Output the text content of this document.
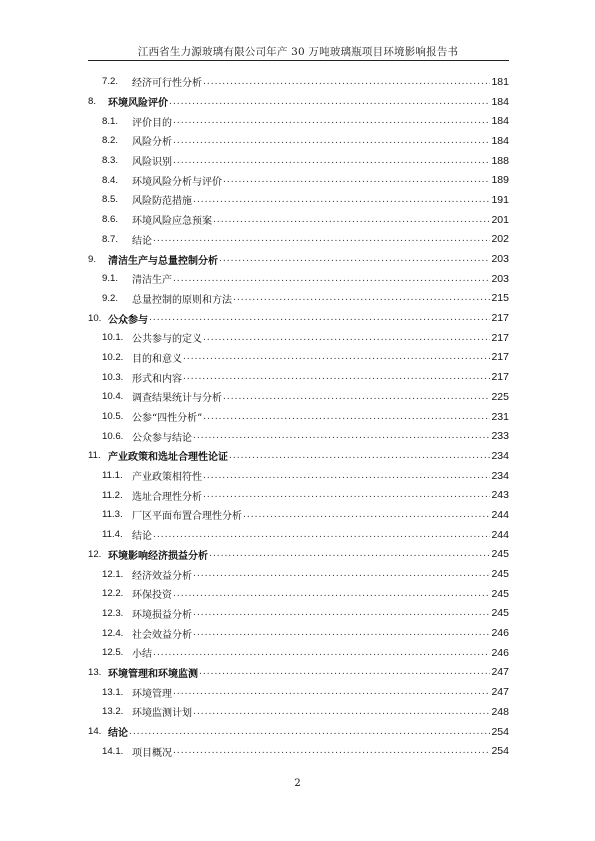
江西省生力源玻璃有限公司年产 30 万吨玻璃瓶项目环境影响报告书
7.2.	经济可行性分析 .....	181
8.	环境风险评价 .....	184
8.1.	评价目的 .....	184
8.2.	风险分析 .....	184
8.3.	风险识别 .....	188
8.4.	环境风险分析与评价 .....	189
8.5.	风险防范措施 .....	191
8.6.	环境风险应急预案 .....	201
8.7.	结论 .....	202
9.	清洁生产与总量控制分析 .....	203
9.1.	清洁生产 .....	203
9.2.	总量控制的原则和方法 .....	215
10. 公众参与 .....	217
10.1. 公共参与的定义 .....	217
10.2. 目的和意义 .....	217
10.3. 形式和内容 .....	217
10.4. 调查结果统计与分析 .....	225
10.5. 公参“四性分析” .....	231
10.6. 公众参与结论 .....	233
11. 产业政策和选址合理性论证 .....	234
11.1. 产业政策相符性 .....	234
11.2. 选址合理性分析 .....	243
11.3. 厂区平面布置合理性分析 .....	244
11.4. 结论 .....	244
12. 环境影响经济损益分析 .....	245
12.1. 经济效益分析 .....	245
12.2. 环保投资 .....	245
12.3. 环境损益分析 .....	245
12.4. 社会效益分析 .....	246
12.5. 小结 .....	246
13. 环境管理和环境监测 .....	247
13.1. 环境管理 .....	247
13.2. 环境监测计划 .....	248
14. 结论 .....	254
14.1. 项目概况 .....	254
2
